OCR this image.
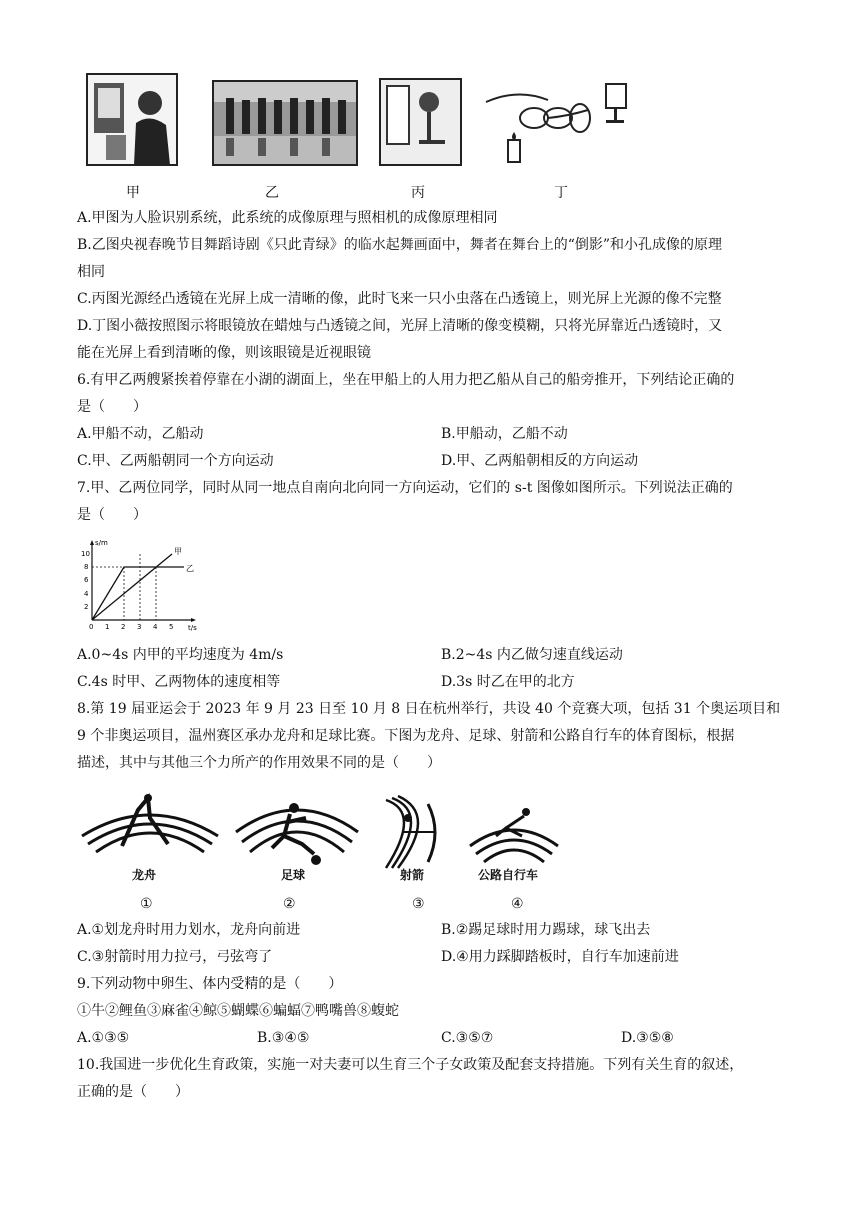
甲	乙	丙	丁
A.甲图为人脸识别系统，此系统的成像原理与照相机的成像原理相同
B.乙图央视春晚节目舞蹈诗剧《只此青绿》的临水起舞画面中，舞者在舞台上的“倒影”和小孔成像的原理
相同
C.丙图光源经凸透镜在光屏上成一清晰的像，此时飞来一只小虫落在凸透镜上，则光屏上光源的像不完整
D.丁图小薇按照图示将眼镜放在蜡烛与凸透镜之间，光屏上清晰的像变模糊，只将光屏靠近凸透镜时，又
能在光屏上看到清晰的像，则该眼镜是近视眼镜
6.有甲乙两艘紧挨着停靠在小湖的湖面上，坐在甲船上的人用力把乙船从自己的船旁推开，下列结论正确的
是（　　）
A.甲船不动，乙船动	B.甲船动，乙船不动
C.甲、乙两船朝同一个方向运动	D.甲、乙两船朝相反的方向运动
7.甲、乙两位同学，同时从同一地点自南向北向同一方向运动，它们的 s-t 图像如图所示。下列说法正确的
是（　　）
s/m
t/s
10
8
6
4
2
0 1 2 3 4 5
甲
乙
A.0~4s 内甲的平均速度为 4m/s	B.2~4s 内乙做匀速直线运动
C.4s 时甲、乙两物体的速度相等	D.3s 时乙在甲的北方
8.第 19 届亚运会于 2023 年 9 月 23 日至 10 月 8 日在杭州举行，共设 40 个竞赛大项，包括 31 个奥运项目和
9 个非奥运项目，温州赛区承办龙舟和足球比赛。下图为龙舟、足球、射箭和公路自行车的体育图标，根据
描述，其中与其他三个力所产的作用效果不同的是（　　）
龙舟	足球	射箭	公路自行车
①	②	③	④
A.①划龙舟时用力划水，龙舟向前进	B.②踢足球时用力踢球，球飞出去
C.③射箭时用力拉弓，弓弦弯了	D.④用力踩脚踏板时，自行车加速前进
9.下列动物中卵生、体内受精的是（　　）
①牛②鲤鱼③麻雀④鲸⑤蝴蝶⑥蝙蝠⑦鸭嘴兽⑧蝮蛇
A.①③⑤	B.③④⑤	C.③⑤⑦	D.③⑤⑧
10.我国进一步优化生育政策，实施一对夫妻可以生育三个子女政策及配套支持措施。下列有关生育的叙述，
正确的是（　　）
